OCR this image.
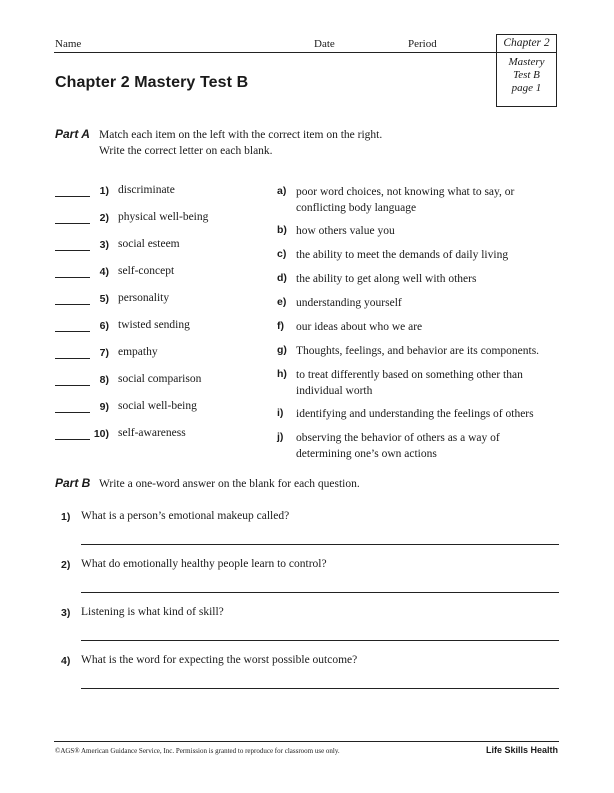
Name	Date	Period	Chapter 2
Mastery
Test B
page 1
Chapter 2 Mastery Test B
Part A Match each item on the left with the correct item on the right.
Write the correct letter on each blank.
1) discriminate
2) physical well-being
3) social esteem
4) self-concept
5) personality
6) twisted sending
7) empathy
8) social comparison
9) social well-being
10) self-awareness
a) poor word choices, not knowing what to say, or
conflicting body language
b) how others value you
c) the ability to meet the demands of daily living
d) the ability to get along well with others
e) understanding yourself
f) our ideas about who we are
g) Thoughts, feelings, and behavior are its components.
h) to treat differently based on something other than
individual worth
i) identifying and understanding the feelings of others
j) observing the behavior of others as a way of
determining one’s own actions
Part B Write a one-word answer on the blank for each question.
1) What is a person’s emotional makeup called?
2) What do emotionally healthy people learn to control?
3) Listening is what kind of skill?
4) What is the word for expecting the worst possible outcome?
©AGS® American Guidance Service, Inc. Permission is granted to reproduce for classroom use only.	Life Skills Health
